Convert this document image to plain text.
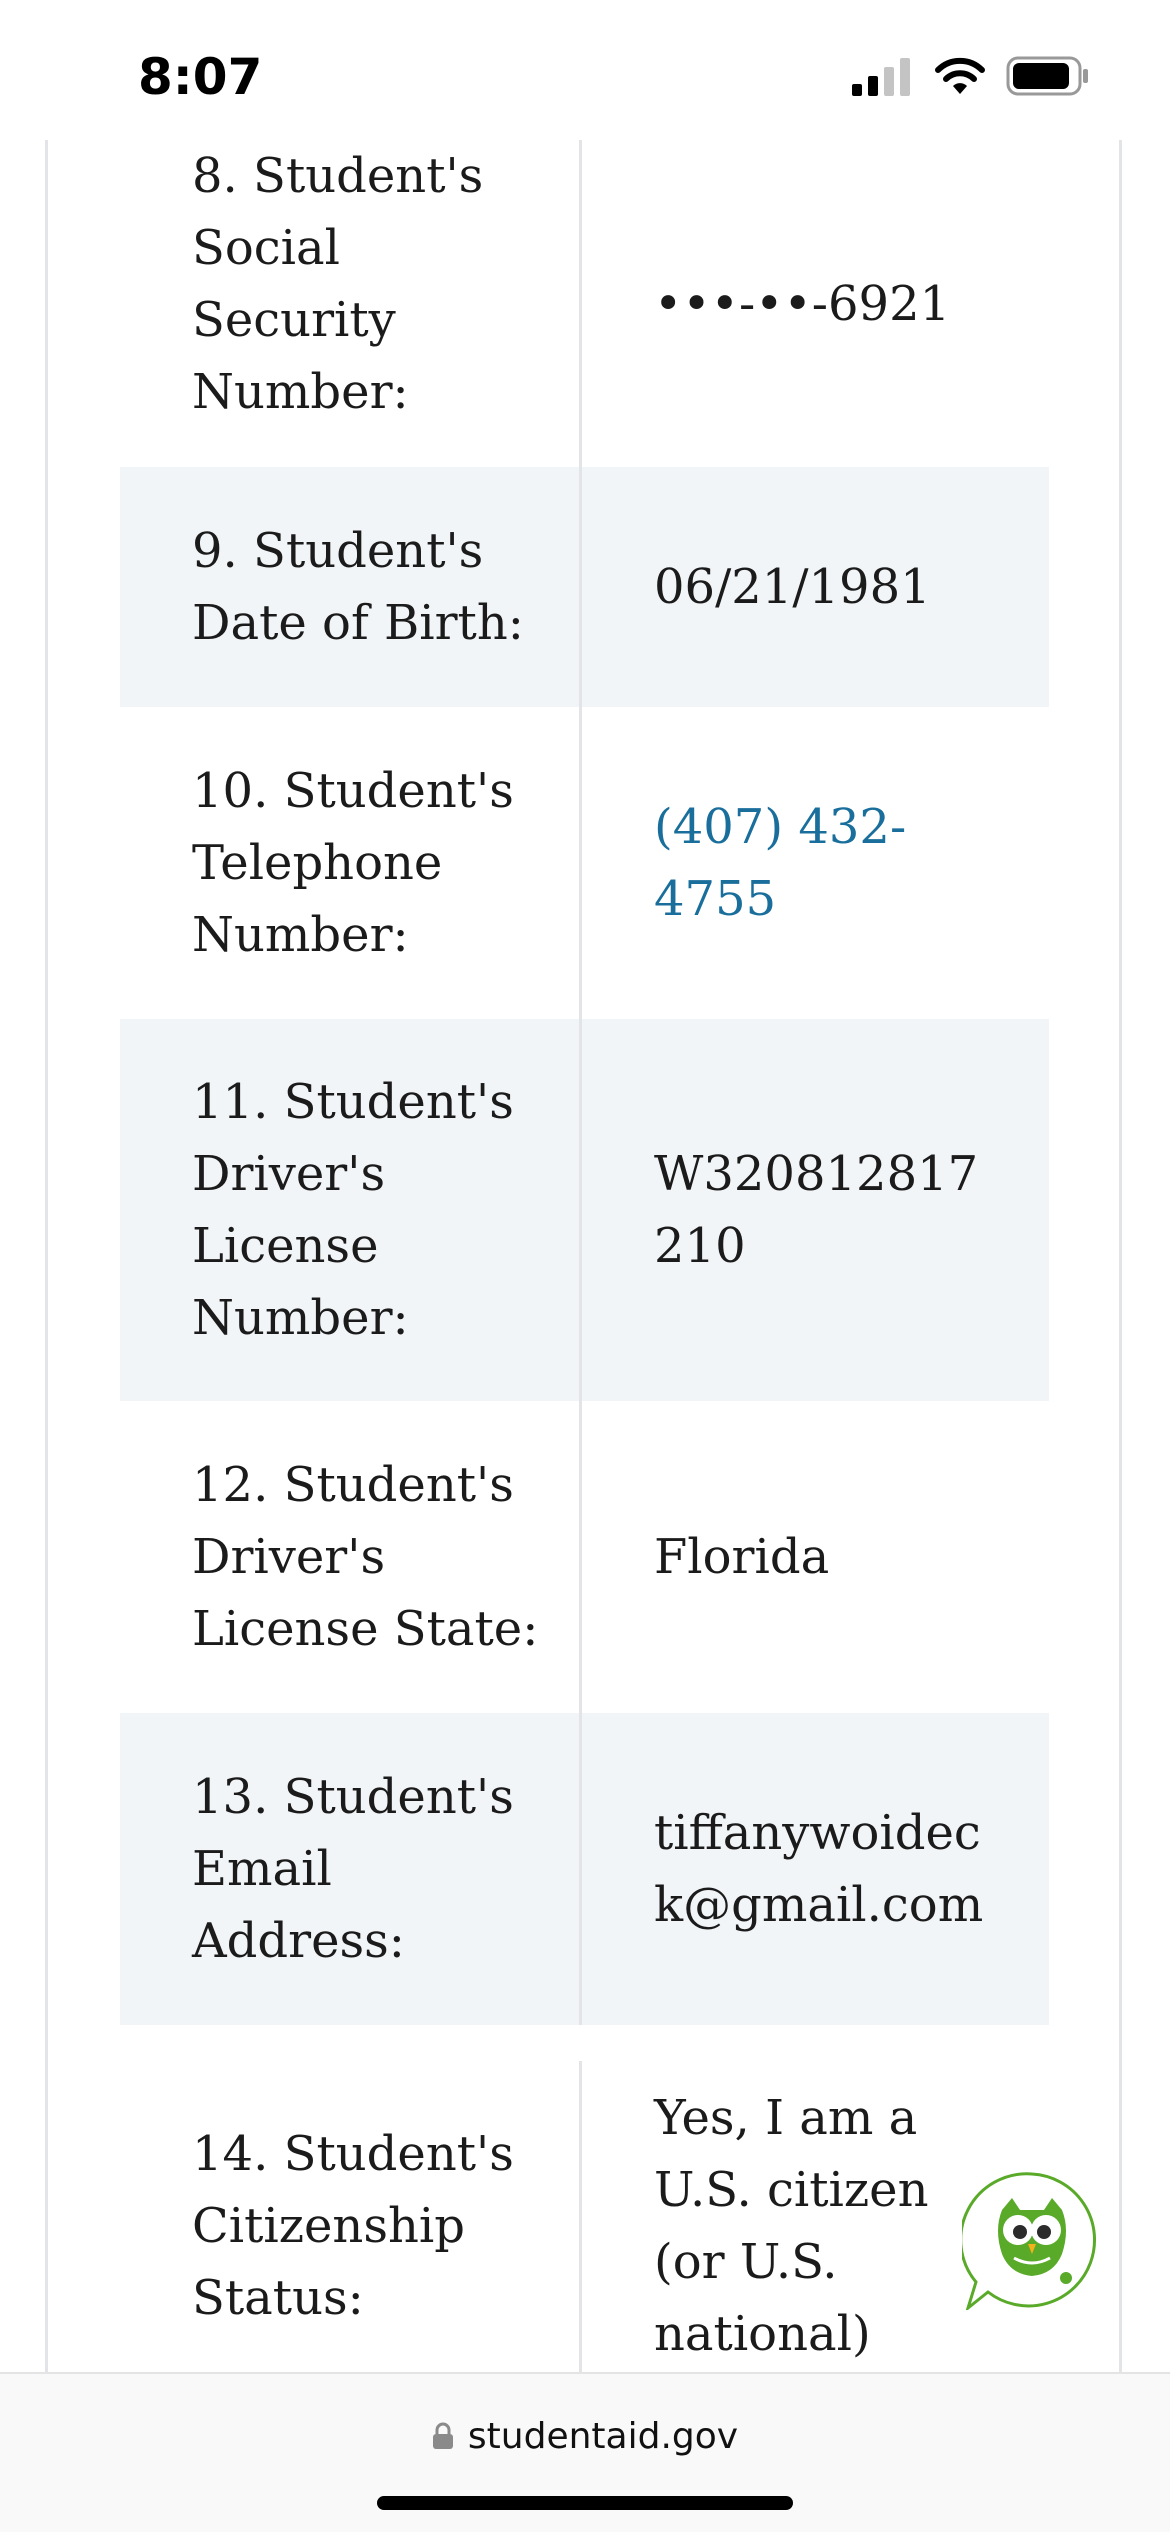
8:07
8. Student's Social Security Number:
•••-••-6921
9. Student's Date of Birth:
06/21/1981
10. Student's Telephone Number:
(407) 432-4755
11. Student's Driver's License Number:
W320812817210
12. Student's Driver's License State:
Florida
13. Student's Email Address:
tiffanywoideck@gmail.com
14. Student's Citizenship Status:
Yes, I am a U.S. citizen (or U.S. national)
studentaid.gov
